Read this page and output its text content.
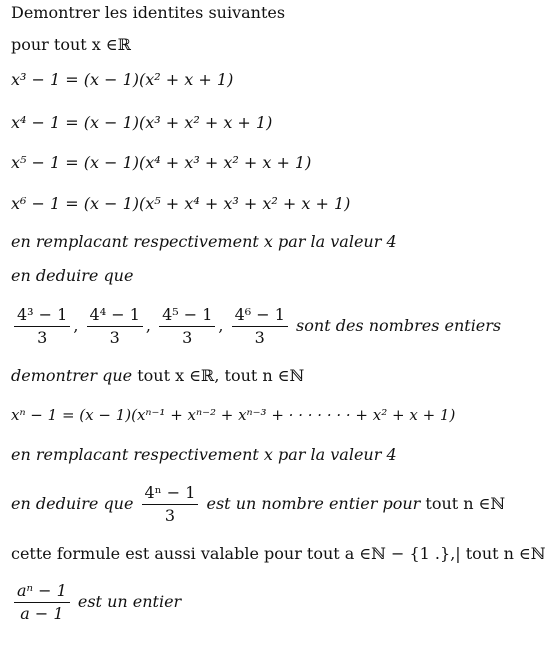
Demontrer les identites suivantes
pour tout x ∈ℝ
x³ − 1 = (x − 1)(x² + x + 1)
x⁴ − 1 = (x − 1)(x³ + x² + x + 1)
x⁵ − 1 = (x − 1)(x⁴ + x³ + x² + x + 1)
x⁶ − 1 = (x − 1)(x⁵ + x⁴ + x³ + x² + x + 1)
en remplacant respectivement x par la valeur 4
en deduire que
$\frac{\text{4³ − 1}}{3}$ , $\frac{\text{4⁴ − 1}}{3}$ , $\frac{\text{4⁵ − 1}}{3}$ , $\frac{\text{4⁶ − 1}}{3}$ sont des nombres entiers
demontrer que tout x ∈ℝ, tout n ∈ℕ
xⁿ − 1 = (x − 1)(xⁿ⁻¹ + xⁿ⁻² + xⁿ⁻³ + · · · · · · · + x² + x + 1)
en remplacant respectivement x par la valeur 4
en deduire que $\frac{\text{4ⁿ − 1}}{3}$ est un nombre entier pour tout n ∈ℕ
cette formule est aussi valable pour tout a ∈ℕ − {1 .},| tout n ∈ℕ
$\frac{\text{aⁿ − 1}}{a - 1}$ est un entier
